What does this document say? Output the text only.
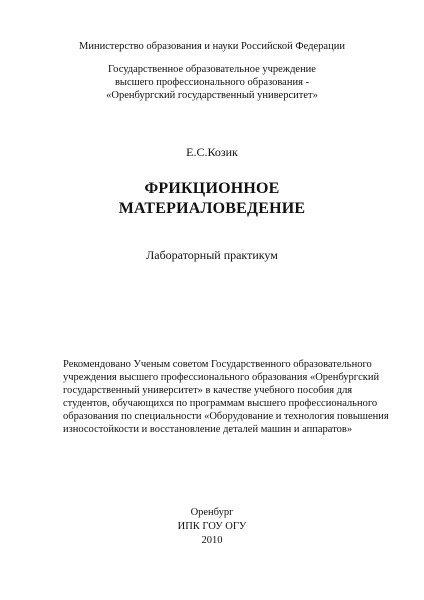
Министерство образования и науки Российской Федерации

Государственное образовательное учреждение
высшего профессионального образования -
«Оренбургский государственный университет»

Е.С.Козик

ФРИКЦИОННОЕ
МАТЕРИАЛОВЕДЕНИЕ

Лабораторный практикум

Рекомендовано Ученым советом Государственного образовательного
учреждения высшего профессионального образования «Оренбургский
государственный университет» в качестве учебного пособия для
студентов, обучающихся по программам высшего профессионального
образования по специальности «Оборудование и технология повышения
износостойкости и восстановление деталей машин и аппаратов»

Оренбург
ИПК ГОУ ОГУ
2010
